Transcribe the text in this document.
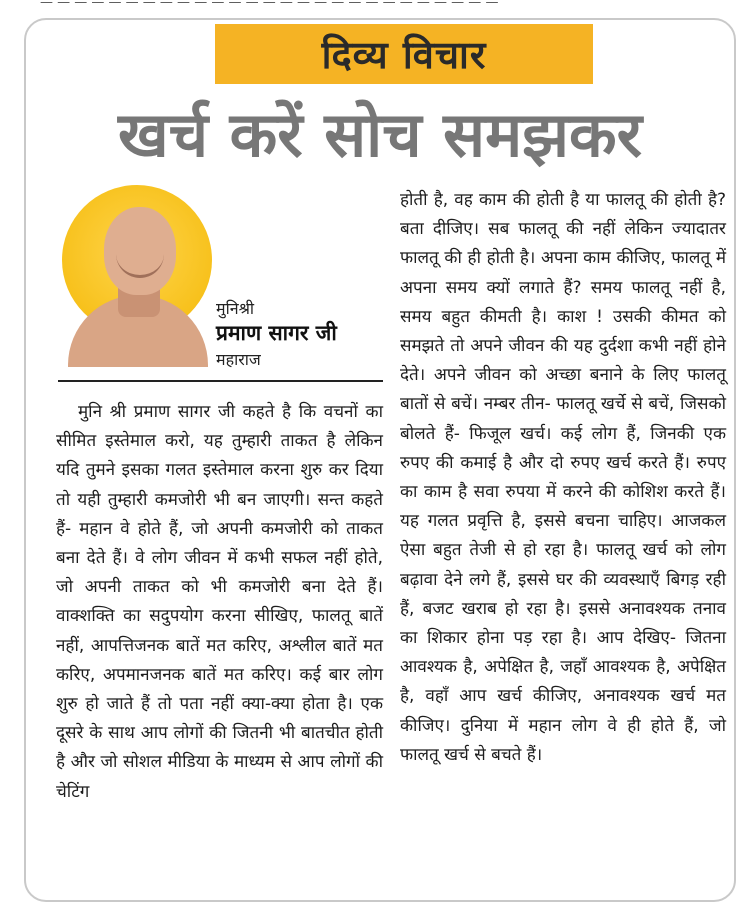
— — — — — — — — — — — — — — — — — — — — — — — — — — —
दिव्य विचार
खर्च करें सोच समझकर
मुनिश्री
प्रमाण सागर जी
महाराज
मुनि श्री प्रमाण सागर जी कहते है कि वचनों का सीमित इस्तेमाल करो, यह तुम्हारी ताकत है लेकिन यदि तुमने इसका गलत इस्तेमाल करना शुरु कर दिया तो यही तुम्हारी कमजोरी भी बन जाएगी। सन्त कहते हैं- महान वे होते हैं, जो अपनी कमजोरी को ताकत बना देते हैं। वे लोग जीवन में कभी सफल नहीं होते, जो अपनी ताकत को भी कमजोरी बना देते हैं। वाक्शक्ति का सदुपयोग करना सीखिए, फालतू बातें नहीं, आपत्तिजनक बातें मत करिए, अश्लील बातें मत करिए, अपमानजनक बातें मत करिए। कई बार लोग शुरु हो जाते हैं तो पता नहीं क्या-क्या होता है। एक दूसरे के साथ आप लोगों की जितनी भी बातचीत होती है और जो सोशल मीडिया के माध्यम से आप लोगों की चेटिंग
होती है, वह काम की होती है या फालतू की होती है? बता दीजिए। सब फालतू की नहीं लेकिन ज्यादातर फालतू की ही होती है। अपना काम कीजिए, फालतू में अपना समय क्यों लगाते हैं? समय फालतू नहीं है, समय बहुत कीमती है। काश ! उसकी कीमत को समझते तो अपने जीवन की यह दुर्दशा कभी नहीं होने देते। अपने जीवन को अच्छा बनाने के लिए फालतू बातों से बचें। नम्बर तीन- फालतू खर्चे से बचें, जिसको बोलते हैं- फिजूल खर्च। कई लोग हैं, जिनकी एक रुपए की कमाई है और दो रुपए खर्च करते हैं। रुपए का काम है सवा रुपया में करने की कोशिश करते हैं। यह गलत प्रवृत्ति है, इससे बचना चाहिए। आजकल ऐसा बहुत तेजी से हो रहा है। फालतू खर्च को लोग बढ़ावा देने लगे हैं, इससे घर की व्यवस्थाएँ बिगड़ रही हैं, बजट खराब हो रहा है। इससे अनावश्यक तनाव का शिकार होना पड़ रहा है। आप देखिए- जितना आवश्यक है, अपेक्षित है, जहाँ आवश्यक है, अपेक्षित है, वहाँ आप खर्च कीजिए, अनावश्यक खर्च मत कीजिए। दुनिया में महान लोग वे ही होते हैं, जो फालतू खर्च से बचते हैं।
